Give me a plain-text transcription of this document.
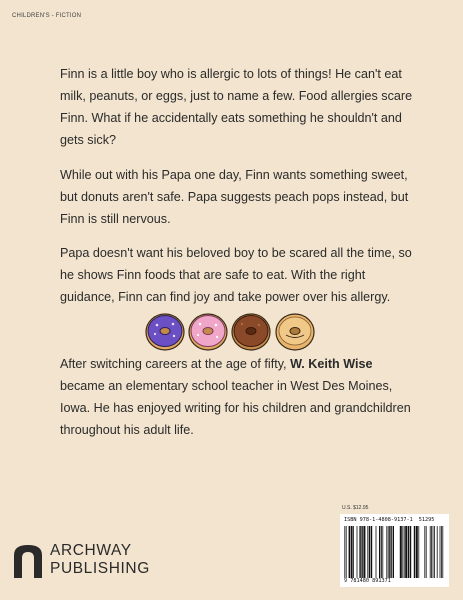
CHILDREN'S - FICTION
Finn is a little boy who is allergic to lots of things! He can't eat milk, peanuts, or eggs, just to name a few. Food allergies scare Finn. What if he accidentally eats something he shouldn't and gets sick?
While out with his Papa one day, Finn wants something sweet, but donuts aren't safe. Papa suggests peach pops instead, but Finn is still nervous.
Papa doesn't want his beloved boy to be scared all the time, so he shows Finn foods that are safe to eat. With the right guidance, Finn can find joy and take power over his allergy.
After switching careers at the age of fifty, W. Keith Wise became an elementary school teacher in West Des Moines, Iowa. He has enjoyed writing for his children and grandchildren throughout his adult life.
U.S. $12.95
ISBN 978-1-4808-9137-1 51295
9 781480 891371
ARCHWAY
PUBLISHING
